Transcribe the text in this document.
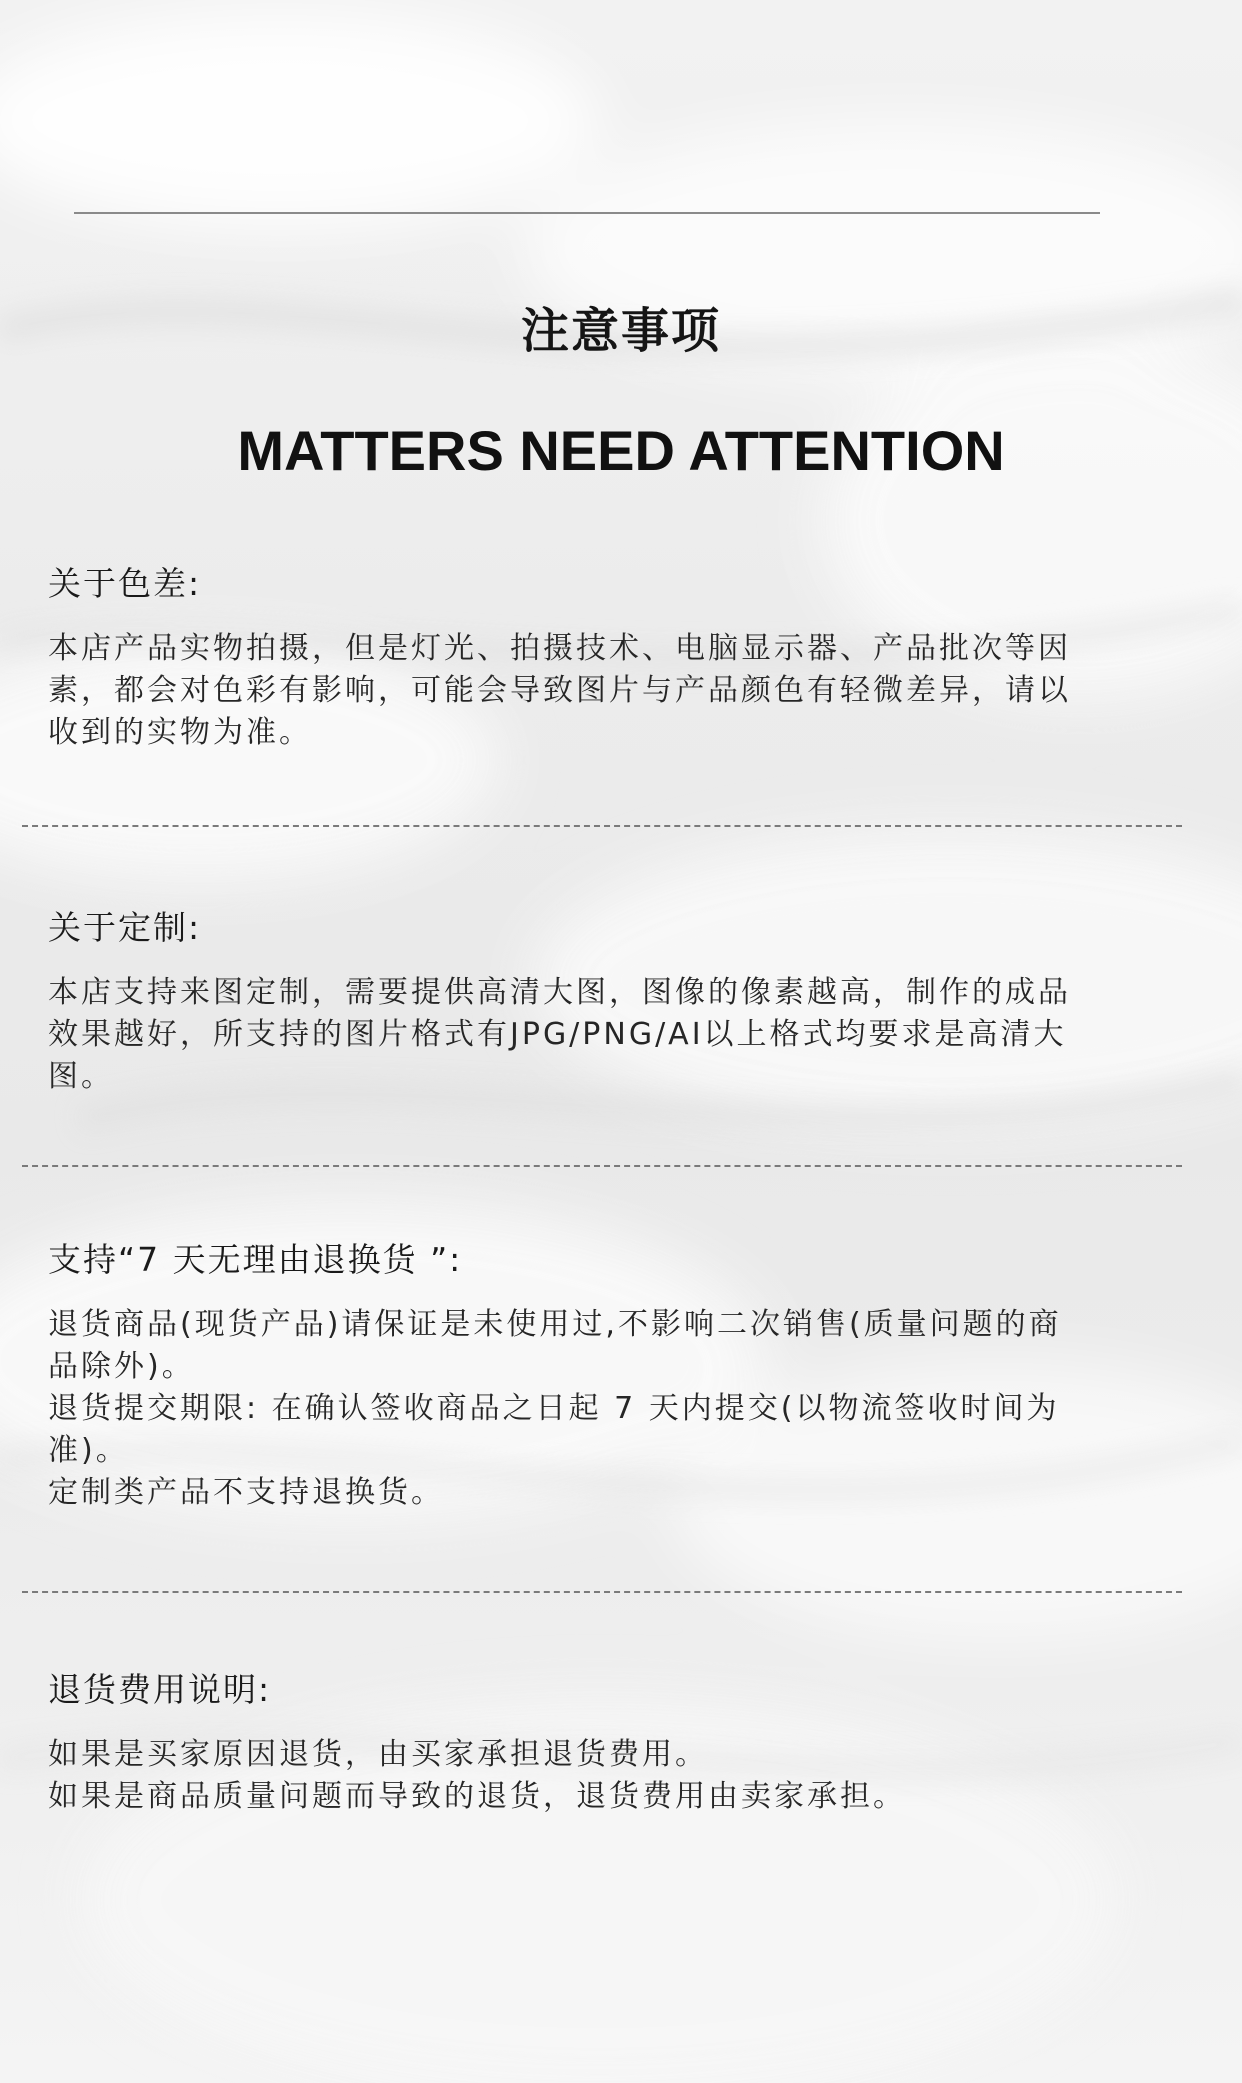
注意事项
MATTERS NEED ATTENTION
关于色差:

本店产品实物拍摄，但是灯光、拍摄技术、电脑显示器、产品批次等因

素，都会对色彩有影响，可能会导致图片与产品颜色有轻微差异，请以

收到的实物为准。

关于定制:

本店支持来图定制，需要提供高清大图，图像的像素越高，制作的成品

效果越好，所支持的图片格式有JPG/PNG/AI以上格式均要求是高清大

图。

支持“7 天无理由退换货 ”:

退货商品(现货产品)请保证是未使用过,不影响二次销售(质量问题的商

品除外)。

退货提交期限: 在确认签收商品之日起 7 天内提交(以物流签收时间为

准)。

定制类产品不支持退换货。

退货费用说明:

如果是买家原因退货，由买家承担退货费用。

如果是商品质量问题而导致的退货，退货费用由卖家承担。
